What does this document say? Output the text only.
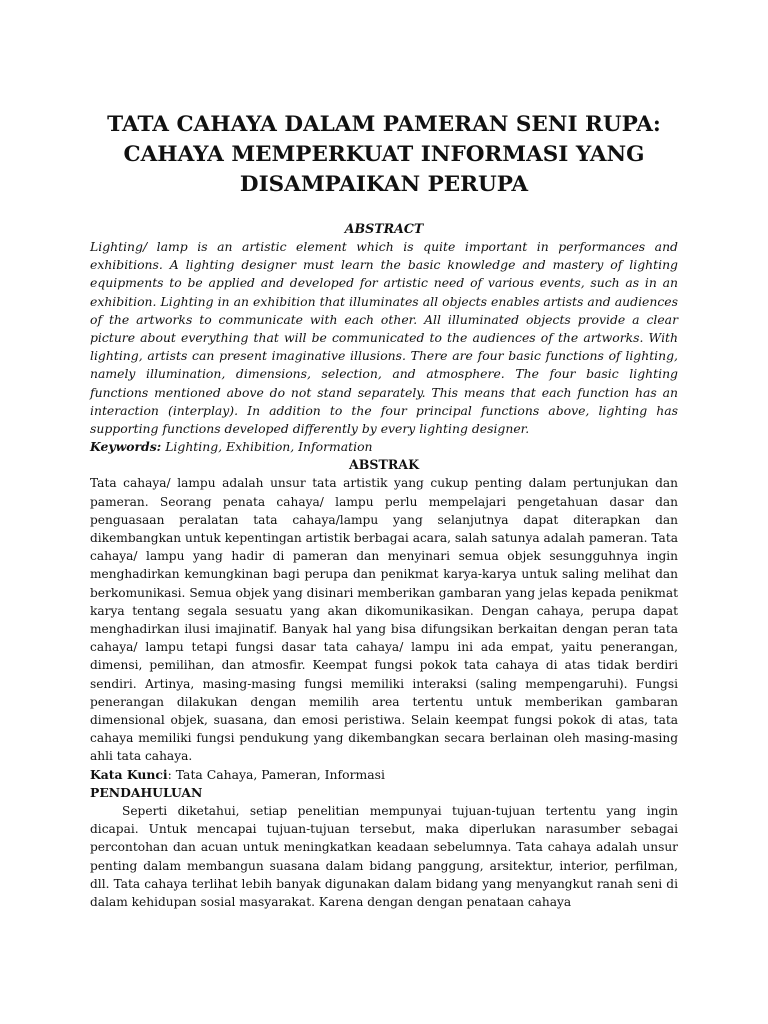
TATA CAHAYA DALAM PAMERAN SENI RUPA:
CAHAYA MEMPERKUAT INFORMASI YANG
DISAMPAIKAN PERUPA

ABSTRACT

Lighting/ lamp is an artistic element which is quite important in performances and exhibitions. A lighting designer must learn the basic knowledge and mastery of lighting equipments to be applied and developed for artistic need of various events, such as in an exhibition. Lighting in an exhibition that illuminates all objects enables artists and audiences of the artworks to communicate with each other. All illuminated objects provide a clear picture about everything that will be communicated to the audiences of the artworks. With lighting, artists can present imaginative illusions. There are four basic functions of lighting, namely illumination, dimensions, selection, and atmosphere. The four basic lighting functions mentioned above do not stand separately. This means that each function has an interaction (interplay). In addition to the four principal functions above, lighting has supporting functions developed differently by every lighting designer.

Keywords: Lighting, Exhibition, Information

ABSTRAK

Tata cahaya/ lampu adalah unsur tata artistik yang cukup penting dalam pertunjukan dan pameran. Seorang penata cahaya/ lampu perlu mempelajari pengetahuan dasar dan penguasaan peralatan tata cahaya/lampu yang selanjutnya dapat diterapkan dan dikembangkan untuk kepentingan artistik berbagai acara, salah satunya adalah pameran. Tata cahaya/ lampu yang hadir di pameran dan menyinari semua objek sesungguhnya ingin menghadirkan kemungkinan bagi perupa dan penikmat karya-karya untuk saling melihat dan berkomunikasi. Semua objek yang disinari memberikan gambaran yang jelas kepada penikmat karya tentang segala sesuatu yang akan dikomunikasikan. Dengan cahaya, perupa dapat menghadirkan ilusi imajinatif. Banyak hal yang bisa difungsikan berkaitan dengan peran tata cahaya/ lampu tetapi fungsi dasar tata cahaya/ lampu ini ada empat, yaitu penerangan, dimensi, pemilihan, dan atmosfir. Keempat fungsi pokok tata cahaya di atas tidak berdiri sendiri. Artinya, masing-masing fungsi memiliki interaksi (saling mempengaruhi). Fungsi penerangan dilakukan dengan memilih area tertentu untuk memberikan gambaran dimensional objek, suasana, dan emosi peristiwa. Selain keempat fungsi pokok di atas, tata cahaya memiliki fungsi pendukung yang dikembangkan secara berlainan oleh masing-masing ahli tata cahaya.

Kata Kunci: Tata Cahaya, Pameran, Informasi

PENDAHULUAN

Seperti diketahui, setiap penelitian mempunyai tujuan-tujuan tertentu yang ingin dicapai. Untuk mencapai tujuan-tujuan tersebut, maka diperlukan narasumber sebagai percontohan dan acuan untuk meningkatkan keadaan sebelumnya. Tata cahaya adalah unsur penting dalam membangun suasana dalam bidang panggung, arsitektur, interior, perfilman, dll. Tata cahaya terlihat lebih banyak digunakan dalam bidang yang menyangkut ranah seni di dalam kehidupan sosial masyarakat. Karena dengan dengan penataan cahaya
